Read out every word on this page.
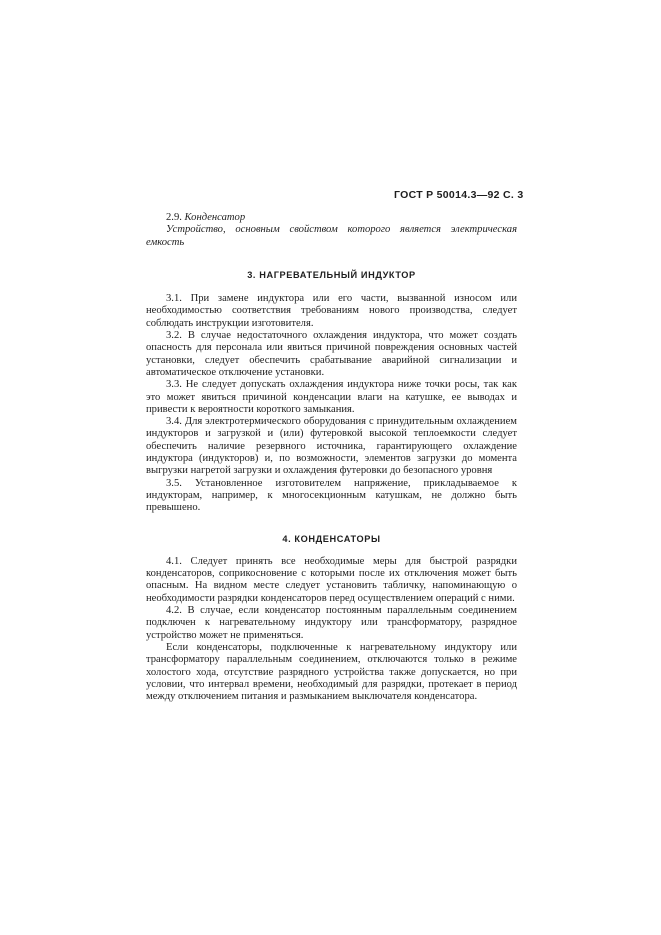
ГОСТ Р 50014.3—92 С. 3

2.9. Конденсатор

Устройство, основным свойством которого является электрическая емкость

3. НАГРЕВАТЕЛЬНЫЙ ИНДУКТОР

3.1. При замене индуктора или его части, вызванной износом или необходимостью соответствия требованиям нового производства, следует соблюдать инструкции изготовителя.

3.2. В случае недостаточного охлаждения индуктора, что может создать опасность для персонала или явиться причиной повреждения основных частей установки, следует обеспечить срабатывание аварийной сигнализации и автоматическое отключение установки.

3.3. Не следует допускать охлаждения индуктора ниже точки росы, так как это может явиться причиной конденсации влаги на катушке, ее выводах и привести к вероятности короткого замыкания.

3.4. Для электротермического оборудования с принудительным охлаждением индукторов и загрузкой и (или) футеровкой высокой теплоемкости следует обеспечить наличие резервного источника, гарантирующего охлаждение индуктора (индукторов) и, по возможности, элементов загрузки до момента выгрузки нагретой загрузки и охлаждения футеровки до безопасного уровня

3.5. Установленное изготовителем напряжение, прикладываемое к индукторам, например, к многосекционным катушкам, не должно быть превышено.

4. КОНДЕНСАТОРЫ

4.1. Следует принять все необходимые меры для быстрой разрядки конденсаторов, соприкосновение с которыми после их отключения может быть опасным. На видном месте следует установить табличку, напоминающую о необходимости разрядки конденсаторов перед осуществлением операций с ними.

4.2. В случае, если конденсатор постоянным параллельным соединением подключен к нагревательному индуктору или трансформатору, разрядное устройство может не применяться.

Если конденсаторы, подключенные к нагревательному индуктору или трансформатору параллельным соединением, отключаются только в режиме холостого хода, отсутствие разрядного устройства также допускается, но при условии, что интервал времени, необходимый для разрядки, протекает в период между отключением питания и размыканием выключателя конденсатора.
